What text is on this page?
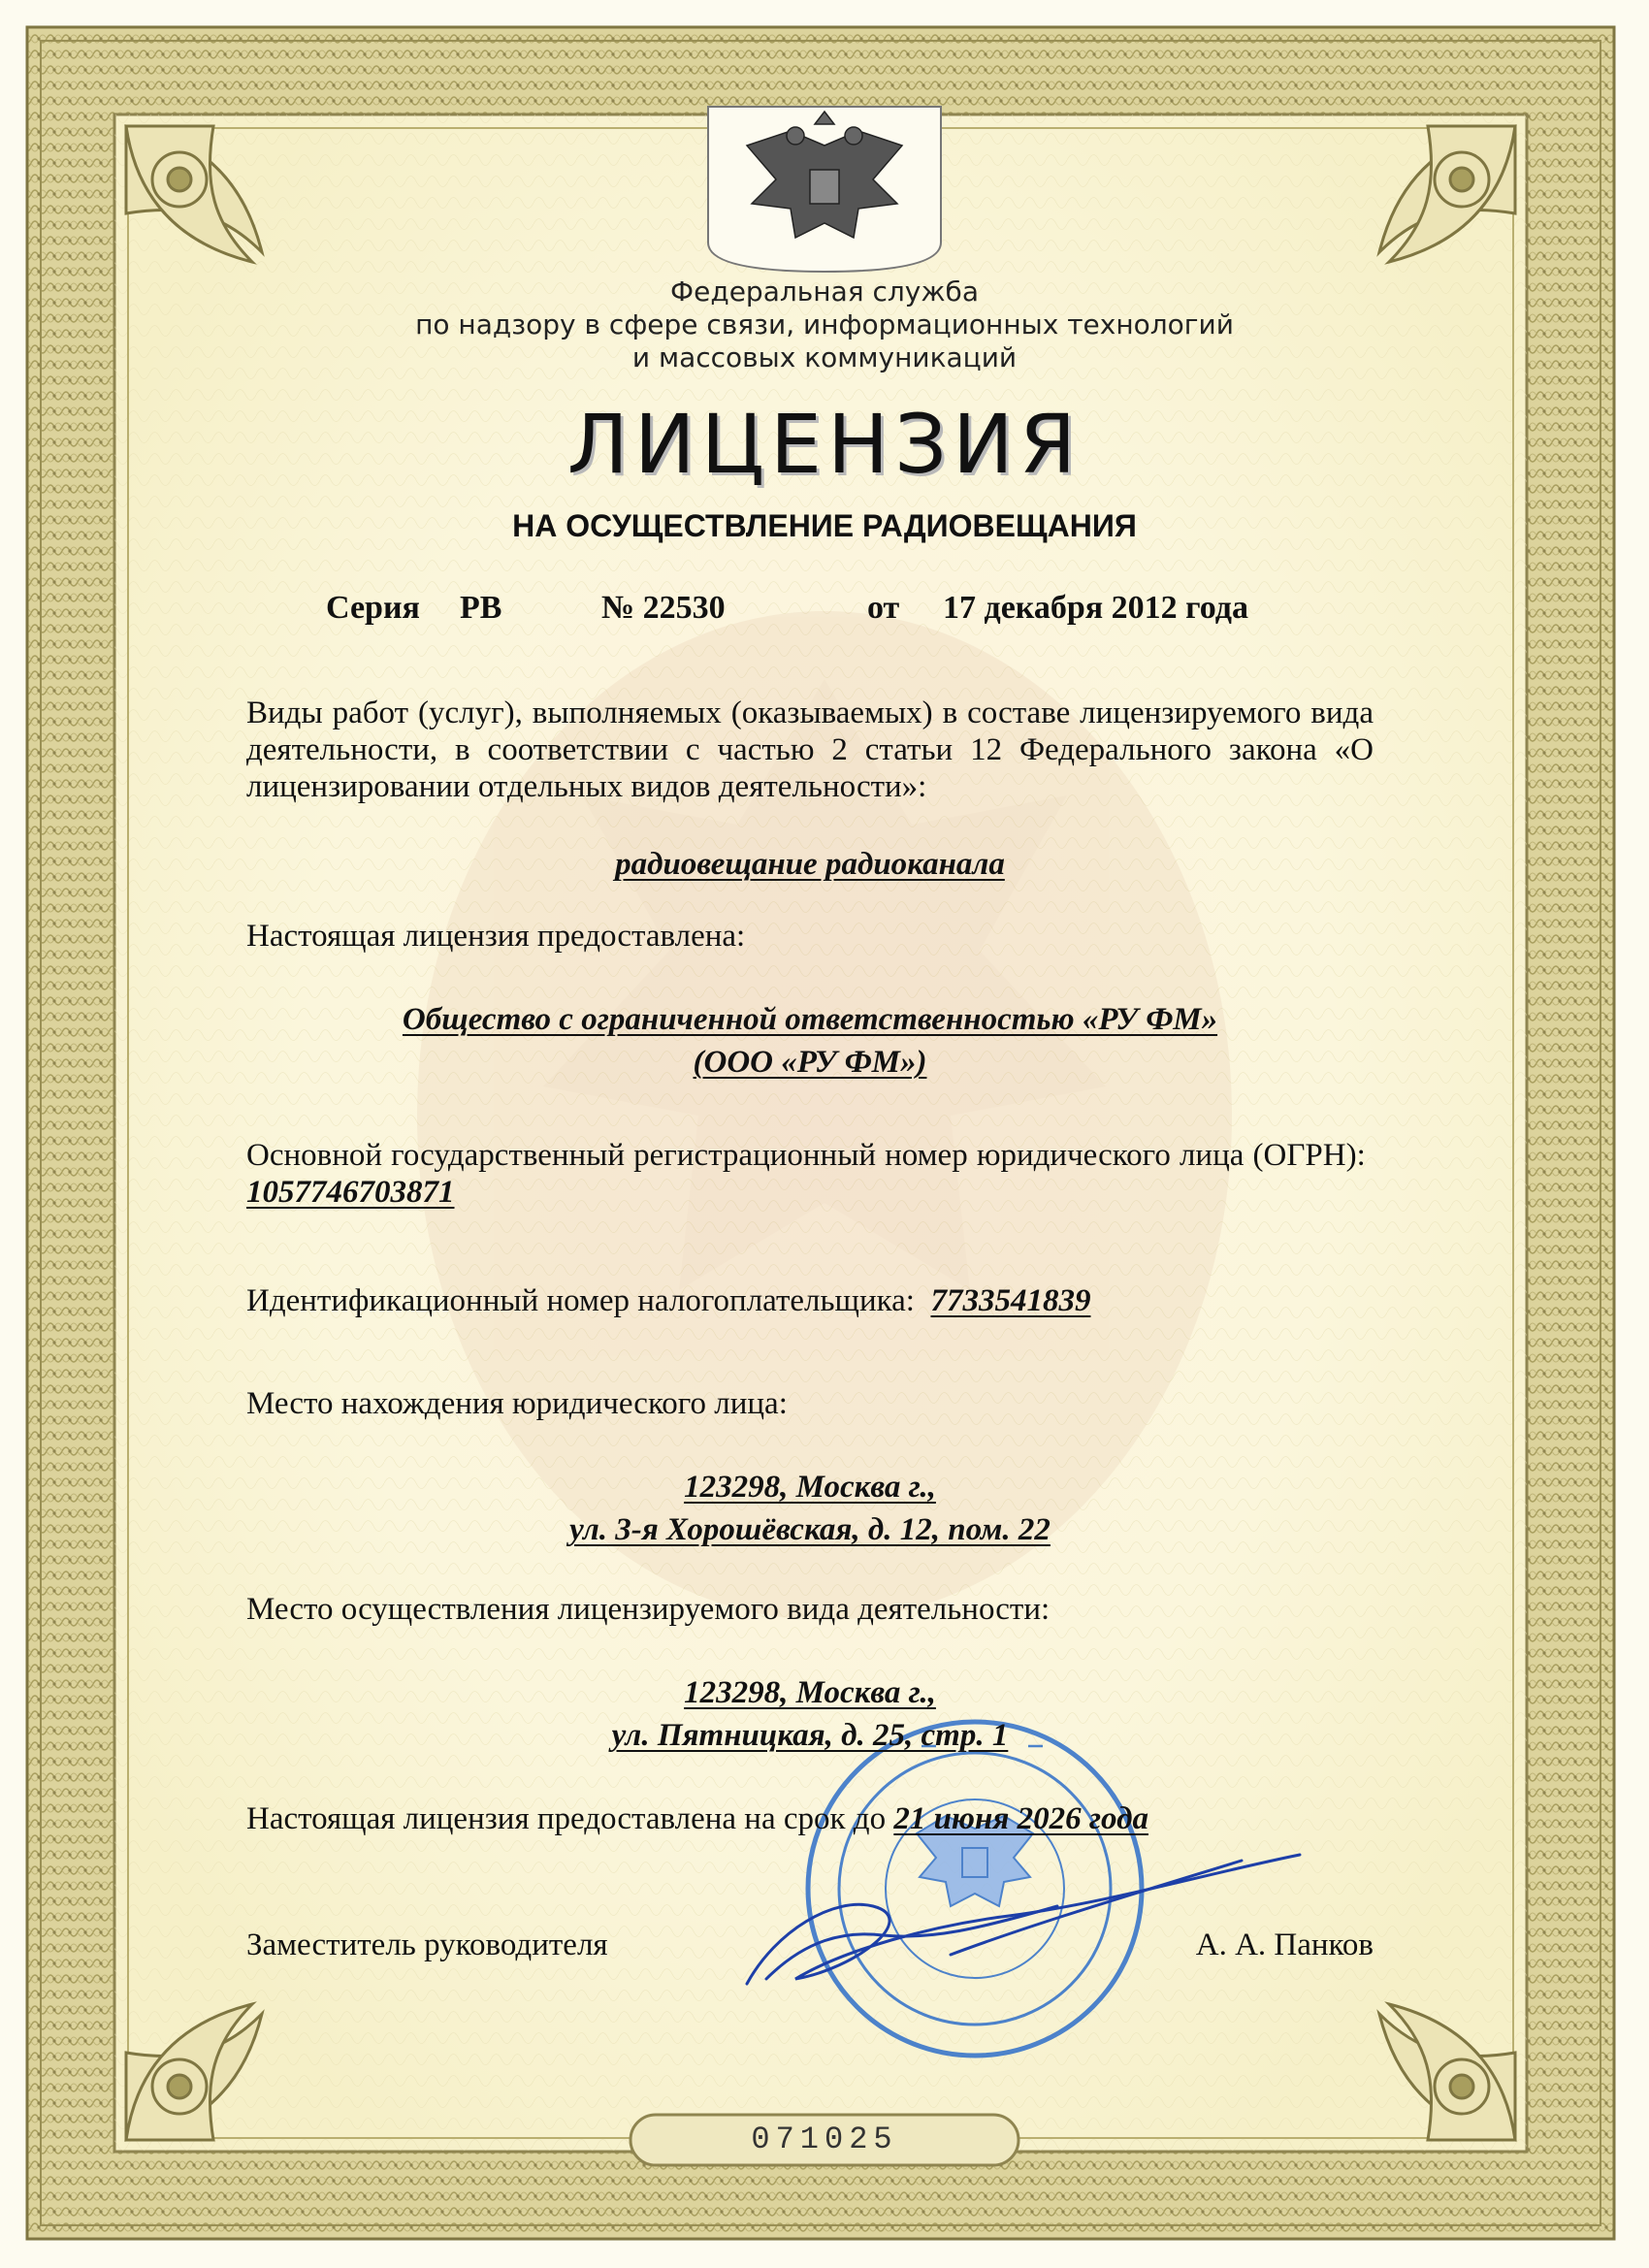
Федеральная служба
по надзору в сфере связи, информационных технологий
и массовых коммуникаций
ЛИЦЕНЗИЯ
НА ОСУЩЕСТВЛЕНИЕ РАДИОВЕЩАНИЯ
Серия РВ	№ 22530	от 17 декабря 2012 года
Виды работ (услуг), выполняемых (оказываемых) в составе лицензируемого вида деятельности, в соответствии с частью 2 статьи 12 Федерального закона «О лицензировании отдельных видов деятельности»:
радиовещание радиоканала
Настоящая лицензия предоставлена:
Общество с ограниченной ответственностью «РУ ФМ»
(ООО «РУ ФМ»)
Основной государственный регистрационный номер юридического лица (ОГРН):  1057746703871
Идентификационный номер налогоплательщика: 7733541839
Место нахождения юридического лица:
123298, Москва г.,
ул. 3-я Хорошёвская, д. 12, пом. 22
Место осуществления лицензируемого вида деятельности:
123298, Москва г.,
ул. Пятницкая, д. 25, стр. 1
Настоящая лицензия предоставлена на срок до 21 июня 2026 года
Заместитель руководителя	А. А. Панков
071025
